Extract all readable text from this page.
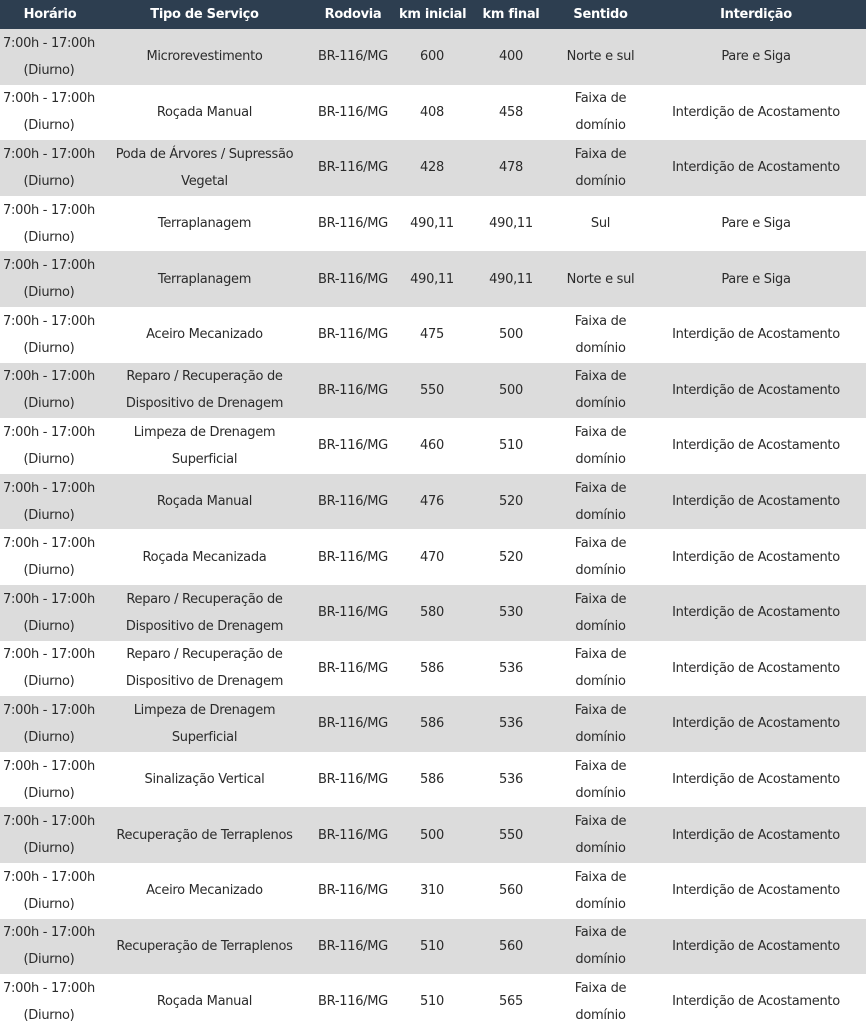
Horário	Tipo de Serviço	Rodovia	km inicial	km final	Sentido	Interdição
7:00h - 17:00h (Diurno)	Microrevestimento	BR-116/MG	600	400	Norte e sul	Pare e Siga
7:00h - 17:00h (Diurno)	Roçada Manual	BR-116/MG	408	458	Faixa de domínio	Interdição de Acostamento
7:00h - 17:00h (Diurno)	Poda de Árvores / Supressão Vegetal	BR-116/MG	428	478	Faixa de domínio	Interdição de Acostamento
7:00h - 17:00h (Diurno)	Terraplanagem	BR-116/MG	490,11	490,11	Sul	Pare e Siga
7:00h - 17:00h (Diurno)	Terraplanagem	BR-116/MG	490,11	490,11	Norte e sul	Pare e Siga
7:00h - 17:00h (Diurno)	Aceiro Mecanizado	BR-116/MG	475	500	Faixa de domínio	Interdição de Acostamento
7:00h - 17:00h (Diurno)	Reparo / Recuperação de Dispositivo de Drenagem	BR-116/MG	550	500	Faixa de domínio	Interdição de Acostamento
7:00h - 17:00h (Diurno)	Limpeza de Drenagem Superficial	BR-116/MG	460	510	Faixa de domínio	Interdição de Acostamento
7:00h - 17:00h (Diurno)	Roçada Manual	BR-116/MG	476	520	Faixa de domínio	Interdição de Acostamento
7:00h - 17:00h (Diurno)	Roçada Mecanizada	BR-116/MG	470	520	Faixa de domínio	Interdição de Acostamento
7:00h - 17:00h (Diurno)	Reparo / Recuperação de Dispositivo de Drenagem	BR-116/MG	580	530	Faixa de domínio	Interdição de Acostamento
7:00h - 17:00h (Diurno)	Reparo / Recuperação de Dispositivo de Drenagem	BR-116/MG	586	536	Faixa de domínio	Interdição de Acostamento
7:00h - 17:00h (Diurno)	Limpeza de Drenagem Superficial	BR-116/MG	586	536	Faixa de domínio	Interdição de Acostamento
7:00h - 17:00h (Diurno)	Sinalização Vertical	BR-116/MG	586	536	Faixa de domínio	Interdição de Acostamento
7:00h - 17:00h (Diurno)	Recuperação de Terraplenos	BR-116/MG	500	550	Faixa de domínio	Interdição de Acostamento
7:00h - 17:00h (Diurno)	Aceiro Mecanizado	BR-116/MG	310	560	Faixa de domínio	Interdição de Acostamento
7:00h - 17:00h (Diurno)	Recuperação de Terraplenos	BR-116/MG	510	560	Faixa de domínio	Interdição de Acostamento
7:00h - 17:00h (Diurno)	Roçada Manual	BR-116/MG	510	565	Faixa de domínio	Interdição de Acostamento
